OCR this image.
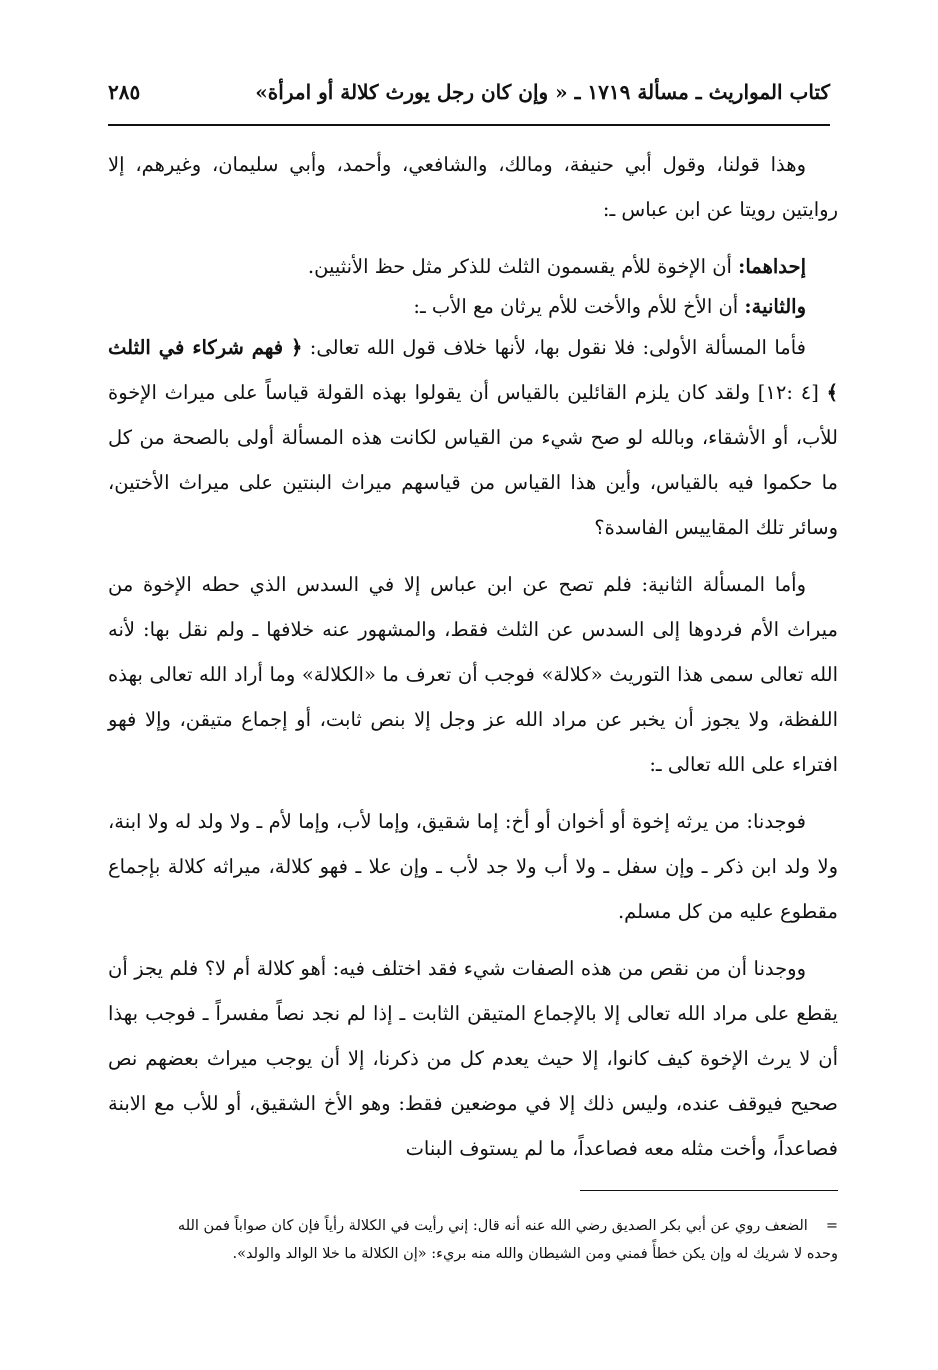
كتاب المواريث ـ مسألة ١٧١٩ ـ « وإن كان رجل يورث كلالة أو امرأة»
٢٨٥

وهذا قولنا، وقول أبي حنيفة، ومالك، والشافعي، وأحمد، وأبي سليمان، وغيرهم، إلا روايتين رويتا عن ابن عباس ـ:

إحداهما: أن الإخوة للأم يقسمون الثلث للذكر مثل حظ الأنثيين.

والثانية: أن الأخ للأم والأخت للأم يرثان مع الأب ـ:

فأما المسألة الأولى: فلا نقول بها، لأنها خلاف قول الله تعالى: ﴿ فهم شركاء في الثلث ﴾ [٤ :١٢] ولقد كان يلزم القائلين بالقياس أن يقولوا بهذه القولة قياساً على ميراث الإخوة للأب، أو الأشقاء، وبالله لو صح شيء من القياس لكانت هذه المسألة أولى بالصحة من كل ما حكموا فيه بالقياس، وأين هذا القياس من قياسهم ميراث البنتين على ميراث الأختين، وسائر تلك المقاييس الفاسدة؟

وأما المسألة الثانية: فلم تصح عن ابن عباس إلا في السدس الذي حطه الإخوة من ميراث الأم فردوها إلى السدس عن الثلث فقط، والمشهور عنه خلافها ـ ولم نقل بها: لأنه الله تعالى سمى هذا التوريث «كلالة» فوجب أن تعرف ما «الكلالة» وما أراد الله تعالى بهذه اللفظة، ولا يجوز أن يخبر عن مراد الله عز وجل إلا بنص ثابت، أو إجماع متيقن، وإلا فهو افتراء على الله تعالى ـ:

فوجدنا: من يرثه إخوة أو أخوان أو أخ: إما شقيق، وإما لأب، وإما لأم ـ ولا ولد له ولا ابنة، ولا ولد ابن ذكر ـ وإن سفل ـ ولا أب ولا جد لأب ـ وإن علا ـ فهو كلالة، ميراثه كلالة بإجماع مقطوع عليه من كل مسلم.

ووجدنا أن من نقص من هذه الصفات شيء فقد اختلف فيه: أهو كلالة أم لا؟ فلم يجز أن يقطع على مراد الله تعالى إلا بالإجماع المتيقن الثابت ـ إذا لم نجد نصاً مفسراً ـ فوجب بهذا أن لا يرث الإخوة كيف كانوا، إلا حيث يعدم كل من ذكرنا، إلا أن يوجب ميراث بعضهم نص صحيح فيوقف عنده، وليس ذلك إلا في موضعين فقط: وهو الأخ الشقيق، أو للأب مع الابنة فصاعداً، وأخت مثله معه فصاعداً، ما لم يستوف البنات

=الضعف روي عن أبي بكر الصديق رضي الله عنه أنه قال: إني رأيت في الكلالة رأياً فإن كان صواباً فمن الله

وحده لا شريك له وإن يكن خطأً فمني ومن الشيطان والله منه بريء: «إن الكلالة ما خلا الوالد والولد».
